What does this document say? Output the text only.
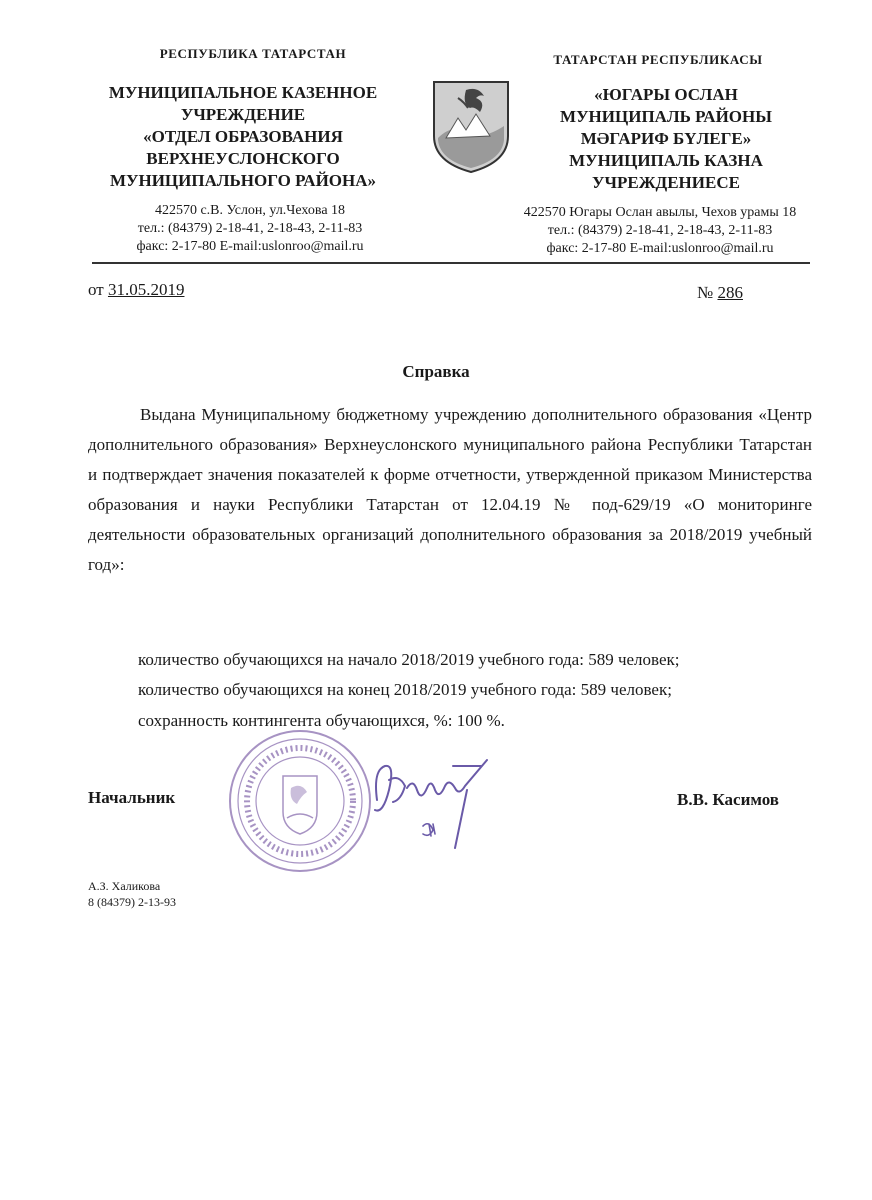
РЕСПУБЛИКА ТАТАРСТАН
МУНИЦИПАЛЬНОЕ КАЗЕННОЕ
УЧРЕЖДЕНИЕ
«ОТДЕЛ ОБРАЗОВАНИЯ
ВЕРХНЕУСЛОНСКОГО
МУНИЦИПАЛЬНОГО РАЙОНА»
422570 с.В. Услон, ул.Чехова 18
тел.: (84379) 2-18-41, 2-18-43, 2-11-83
факс: 2-17-80 E-mail:uslonroo@mail.ru
ТАТАРСТАН РЕСПУБЛИКАСЫ
«ЮГАРЫ ОСЛАН
МУНИЦИПАЛЬ РАЙОНЫ
МӘГАРИФ БҮЛЕГЕ»
МУНИЦИПАЛЬ КАЗНА
УЧРЕЖДЕНИЕСЕ
422570 Югары Ослан авылы, Чехов урамы 18
тел.: (84379) 2-18-41, 2-18-43, 2-11-83
факс: 2-17-80 E-mail:uslonroo@mail.ru
от 31.05.2019	№ 286
Справка

Выдана Муниципальному бюджетному учреждению дополнительного образования «Центр дополнительного образования» Верхнеуслонского муниципального района Республики Татарстан и подтверждает значения показателей к форме отчетности, утвержденной приказом Министерства образования и науки Республики Татарстан от 12.04.19 № под-629/19 «О мониторинге деятельности образовательных организаций дополнительного образования за 2018/2019 учебный год»:

количество обучающихся на начало 2018/2019 учебного года: 589 человек;
количество обучающихся на конец 2018/2019 учебного года: 589 человек;
сохранность контингента обучающихся, %: 100 %.
Начальник	В.В. Касимов
А.З. Халикова
8 (84379) 2-13-93
